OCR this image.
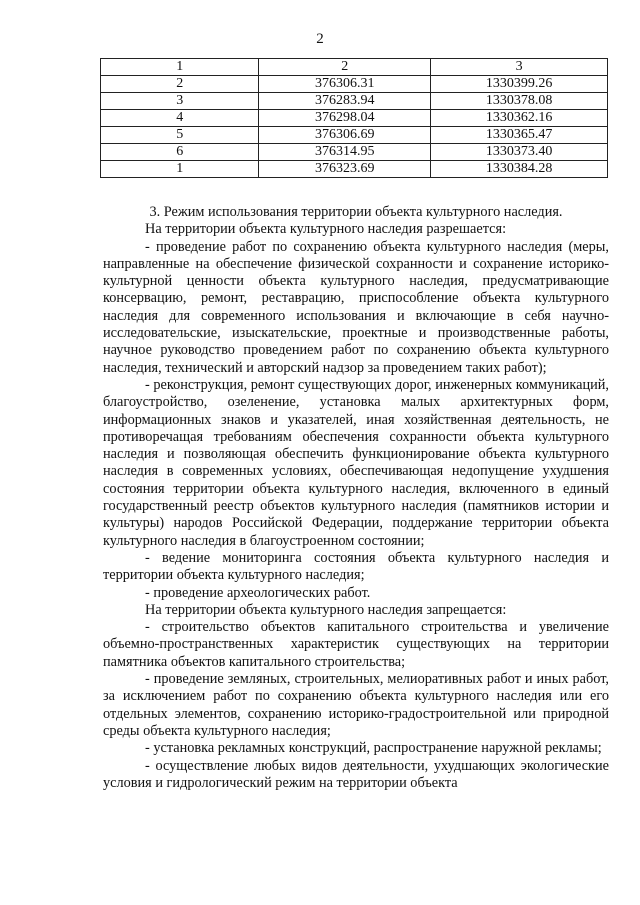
2
1	2	3
2	376306.31	1330399.26
3	376283.94	1330378.08
4	376298.04	1330362.16
5	376306.69	1330365.47
6	376314.95	1330373.40
1	376323.69	1330384.28

3. Режим использования территории объекта культурного наследия.

На территории объекта культурного наследия разрешается:

- проведение работ по сохранению объекта культурного наследия (меры, направленные на обеспечение физической сохранности и сохранение историко-культурной ценности объекта культурного наследия, предусматривающие консервацию, ремонт, реставрацию, приспособление объекта культурного наследия для современного использования и включающие в себя научно-исследовательские, изыскательские, проектные и производственные работы, научное руководство проведением работ по сохранению объекта культурного наследия, технический и авторский надзор за проведением таких работ);

- реконструкция, ремонт существующих дорог, инженерных коммуникаций, благоустройство, озеленение, установка малых архитектурных форм, информационных знаков и указателей, иная хозяйственная деятельность, не противоречащая требованиям обеспечения сохранности объекта культурного наследия и позволяющая обеспечить функционирование объекта культурного наследия в современных условиях, обеспечивающая недопущение ухудшения состояния территории объекта культурного наследия, включенного в единый государственный реестр объектов культурного наследия (памятников истории и культуры) народов Российской Федерации, поддержание территории объекта культурного наследия в благоустроенном состоянии;

- ведение мониторинга состояния объекта культурного наследия и территории объекта культурного наследия;

- проведение археологических работ.

На территории объекта культурного наследия запрещается:

- строительство объектов капитального строительства и увеличение объемно-пространственных характеристик существующих на территории памятника объектов капитального строительства;

- проведение земляных, строительных, мелиоративных работ и иных работ, за исключением работ по сохранению объекта культурного наследия или его отдельных элементов, сохранению историко-градостроительной или природной среды объекта культурного наследия;

- установка рекламных конструкций, распространение наружной рекламы;

- осуществление любых видов деятельности, ухудшающих экологические условия и гидрологический режим на территории объекта
